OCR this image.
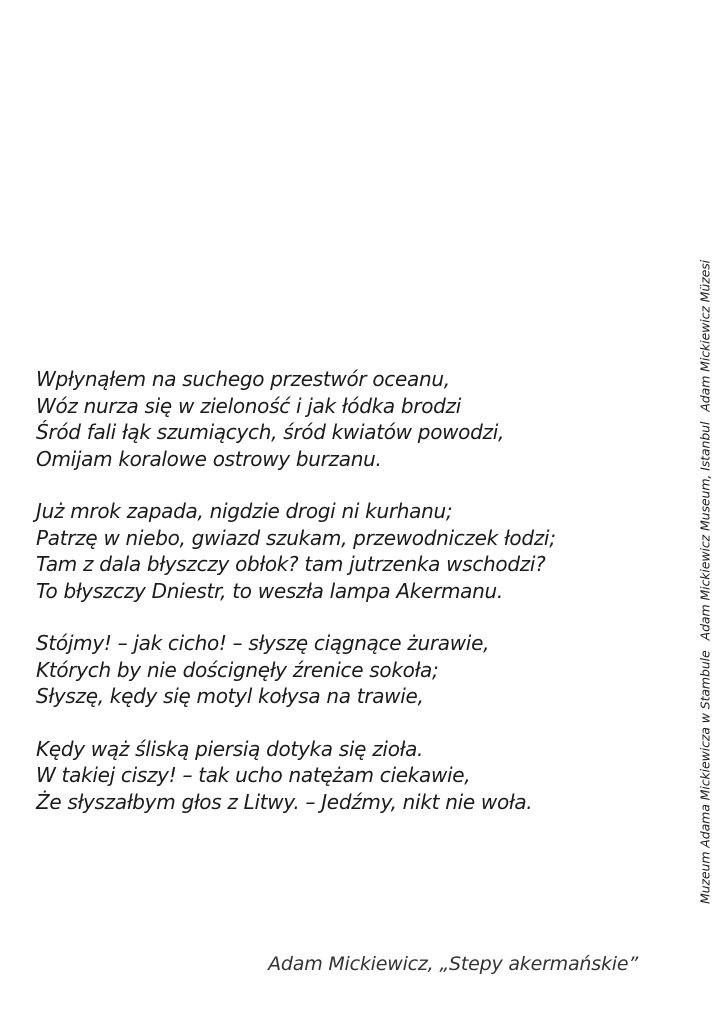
Wpłynąłem na suchego przestwór oceanu,
Wóz nurza się w zieloność i jak łódka brodzi
Śród fali łąk szumiących, śród kwiatów powodzi,
Omijam koralowe ostrowy burzanu.
Już mrok zapada, nigdzie drogi ni kurhanu;
Patrzę w niebo, gwiazd szukam, przewodniczek łodzi;
Tam z dala błyszczy obłok? tam jutrzenka wschodzi?
To błyszczy Dniestr, to weszła lampa Akermanu.
Stójmy! – jak cicho! – słyszę ciągnące żurawie,
Których by nie doścignęły źrenice sokoła;
Słyszę, kędy się motyl kołysa na trawie,
Kędy wąż śliską piersią dotyka się zioła.
W takiej ciszy! – tak ucho natężam ciekawie,
Że słyszałbym głos z Litwy. – Jedźmy, nikt nie woła.
Adam Mickiewicz, „Stepy akermańskie”
Muzeum Adama Mickiewicza w StambuleAdam Mickiewicz Museum, IstanbulAdam Mickiewicz Müzesi
